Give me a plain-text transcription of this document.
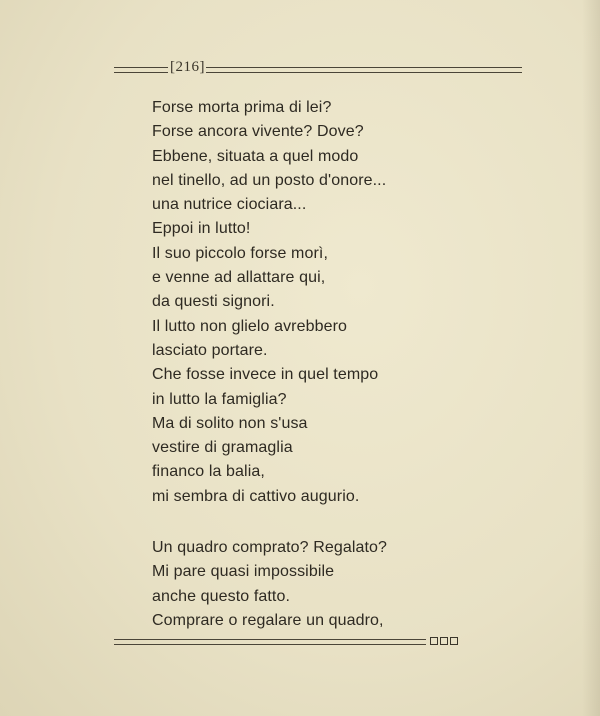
[216]
Forse morta prima di lei?
Forse ancora vivente? Dove?
Ebbene, situata a quel modo
nel tinello, ad un posto d'onore...
una nutrice ciociara...
Eppoi in lutto!
Il suo piccolo forse morì,
e venne ad allattare qui,
da questi signori.
Il lutto non glielo avrebbero
lasciato portare.
Che fosse invece in quel tempo
in lutto la famiglia?
Ma di solito non s'usa
vestire di gramaglia
financo la balia,
mi sembra di cattivo augurio.
Un quadro comprato? Regalato?
Mi pare quasi impossibile
anche questo fatto.
Comprare o regalare un quadro,
